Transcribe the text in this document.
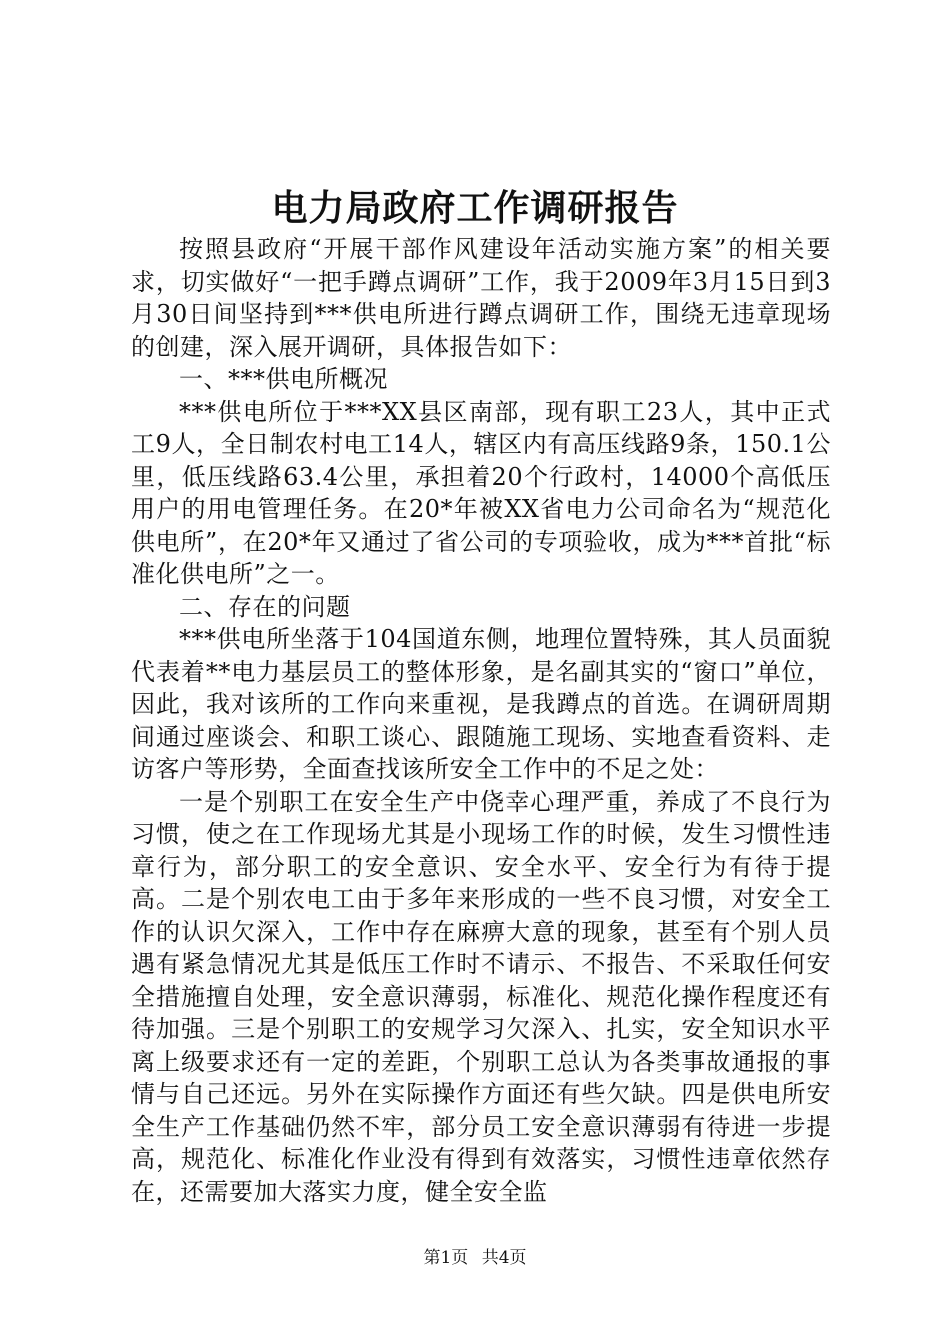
电力局政府工作调研报告

按照县政府“开展干部作风建设年活动实施方案”的相关要求，切实做好“一把手蹲点调研”工作，我于2009年3月15日到3月30日间坚持到***供电所进行蹲点调研工作，围绕无违章现场的创建，深入展开调研，具体报告如下：

一、***供电所概况

***供电所位于***XX县区南部，现有职工23人，其中正式工9人，全日制农村电工14人，辖区内有高压线路9条，150.1公里，低压线路63.4公里，承担着20个行政村，14000个高低压用户的用电管理任务。在20*年被XX省电力公司命名为“规范化供电所”，在20*年又通过了省公司的专项验收，成为***首批“标准化供电所”之一。

二、存在的问题

***供电所坐落于104国道东侧，地理位置特殊，其人员面貌代表着**电力基层员工的整体形象，是名副其实的“窗口”单位，因此，我对该所的工作向来重视，是我蹲点的首选。在调研周期间通过座谈会、和职工谈心、跟随施工现场、实地查看资料、走访客户等形势，全面查找该所安全工作中的不足之处：

一是个别职工在安全生产中侥幸心理严重，养成了不良行为习惯，使之在工作现场尤其是小现场工作的时候，发生习惯性违章行为，部分职工的安全意识、安全水平、安全行为有待于提高。二是个别农电工由于多年来形成的一些不良习惯，对安全工作的认识欠深入，工作中存在麻痹大意的现象，甚至有个别人员遇有紧急情况尤其是低压工作时不请示、不报告、不采取任何安全措施擅自处理，安全意识薄弱，标准化、规范化操作程度还有待加强。三是个别职工的安规学习欠深入、扎实，安全知识水平离上级要求还有一定的差距，个别职工总认为各类事故通报的事情与自己还远。另外在实际操作方面还有些欠缺。四是供电所安全生产工作基础仍然不牢，部分员工安全意识薄弱有待进一步提高，规范化、标准化作业没有得到有效落实，习惯性违章依然存在，还需要加大落实力度，健全安全监

第1页 共4页
